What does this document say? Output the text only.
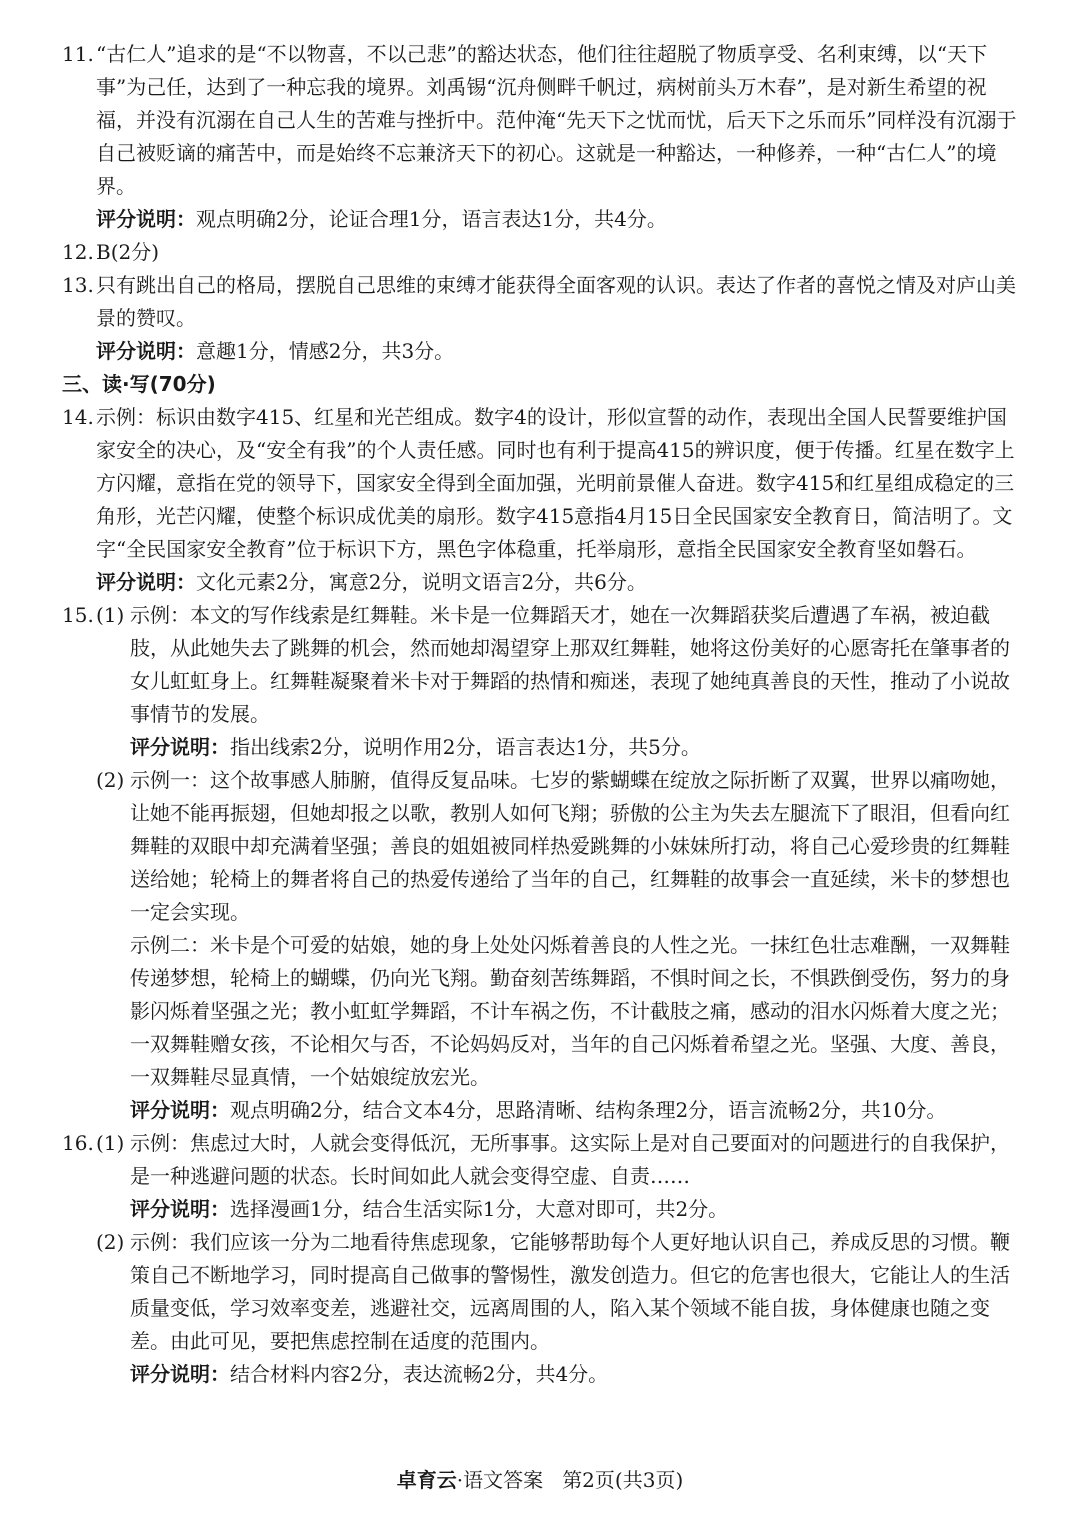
11. “古仁人”追求的是“不以物喜，不以己悲”的豁达状态，他们往往超脱了物质享受、名利束缚，以“天下事”为己任，达到了一种忘我的境界。刘禹锡“沉舟侧畔千帆过，病树前头万木春”，是对新生希望的祝福，并没有沉溺在自己人生的苦难与挫折中。范仲淹“先天下之忧而忧，后天下之乐而乐”同样没有沉溺于自己被贬谪的痛苦中，而是始终不忘兼济天下的初心。这就是一种豁达，一种修养，一种“古仁人”的境界。
评分说明：观点明确2分，论证合理1分，语言表达1分，共4分。
12. B(2分)
13. 只有跳出自己的格局，摆脱自己思维的束缚才能获得全面客观的认识。表达了作者的喜悦之情及对庐山美景的赞叹。
评分说明：意趣1分，情感2分，共3分。
三、读·写(70分)
14. 示例：标识由数字415、红星和光芒组成。数字4的设计，形似宣誓的动作，表现出全国人民誓要维护国家安全的决心，及“安全有我”的个人责任感。同时也有利于提高415的辨识度，便于传播。红星在数字上方闪耀，意指在党的领导下，国家安全得到全面加强，光明前景催人奋进。数字415和红星组成稳定的三角形，光芒闪耀，使整个标识成优美的扇形。数字415意指4月15日全民国家安全教育日，简洁明了。文字“全民国家安全教育”位于标识下方，黑色字体稳重，托举扇形，意指全民国家安全教育坚如磐石。
评分说明：文化元素2分，寓意2分，说明文语言2分，共6分。
15. (1) 示例：本文的写作线索是红舞鞋。米卡是一位舞蹈天才，她在一次舞蹈获奖后遭遇了车祸，被迫截肢，从此她失去了跳舞的机会，然而她却渴望穿上那双红舞鞋，她将这份美好的心愿寄托在肇事者的女儿虹虹身上。红舞鞋凝聚着米卡对于舞蹈的热情和痴迷，表现了她纯真善良的天性，推动了小说故事情节的发展。
评分说明：指出线索2分，说明作用2分，语言表达1分，共5分。
(2) 示例一：这个故事感人肺腑，值得反复品味。七岁的紫蝴蝶在绽放之际折断了双翼，世界以痛吻她，让她不能再振翅，但她却报之以歌，教别人如何飞翔；骄傲的公主为失去左腿流下了眼泪，但看向红舞鞋的双眼中却充满着坚强；善良的姐姐被同样热爱跳舞的小妹妹所打动，将自己心爱珍贵的红舞鞋送给她；轮椅上的舞者将自己的热爱传递给了当年的自己，红舞鞋的故事会一直延续，米卡的梦想也一定会实现。
示例二：米卡是个可爱的姑娘，她的身上处处闪烁着善良的人性之光。一抹红色壮志难酬，一双舞鞋传递梦想，轮椅上的蝴蝶，仍向光飞翔。勤奋刻苦练舞蹈，不惧时间之长，不惧跌倒受伤，努力的身影闪烁着坚强之光；教小虹虹学舞蹈，不计车祸之伤，不计截肢之痛，感动的泪水闪烁着大度之光；一双舞鞋赠女孩，不论相欠与否，不论妈妈反对，当年的自己闪烁着希望之光。坚强、大度、善良，一双舞鞋尽显真情，一个姑娘绽放宏光。
评分说明：观点明确2分，结合文本4分，思路清晰、结构条理2分，语言流畅2分，共10分。
16. (1) 示例：焦虑过大时，人就会变得低沉，无所事事。这实际上是对自己要面对的问题进行的自我保护，是一种逃避问题的状态。长时间如此人就会变得空虚、自责……
评分说明：选择漫画1分，结合生活实际1分，大意对即可，共2分。
(2) 示例：我们应该一分为二地看待焦虑现象，它能够帮助每个人更好地认识自己，养成反思的习惯。鞭策自己不断地学习，同时提高自己做事的警惕性，激发创造力。但它的危害也很大，它能让人的生活质量变低，学习效率变差，逃避社交，远离周围的人，陷入某个领域不能自拔，身体健康也随之变差。由此可见，要把焦虑控制在适度的范围内。
评分说明：结合材料内容2分，表达流畅2分，共4分。
卓育云·语文答案 第2页(共3页)
